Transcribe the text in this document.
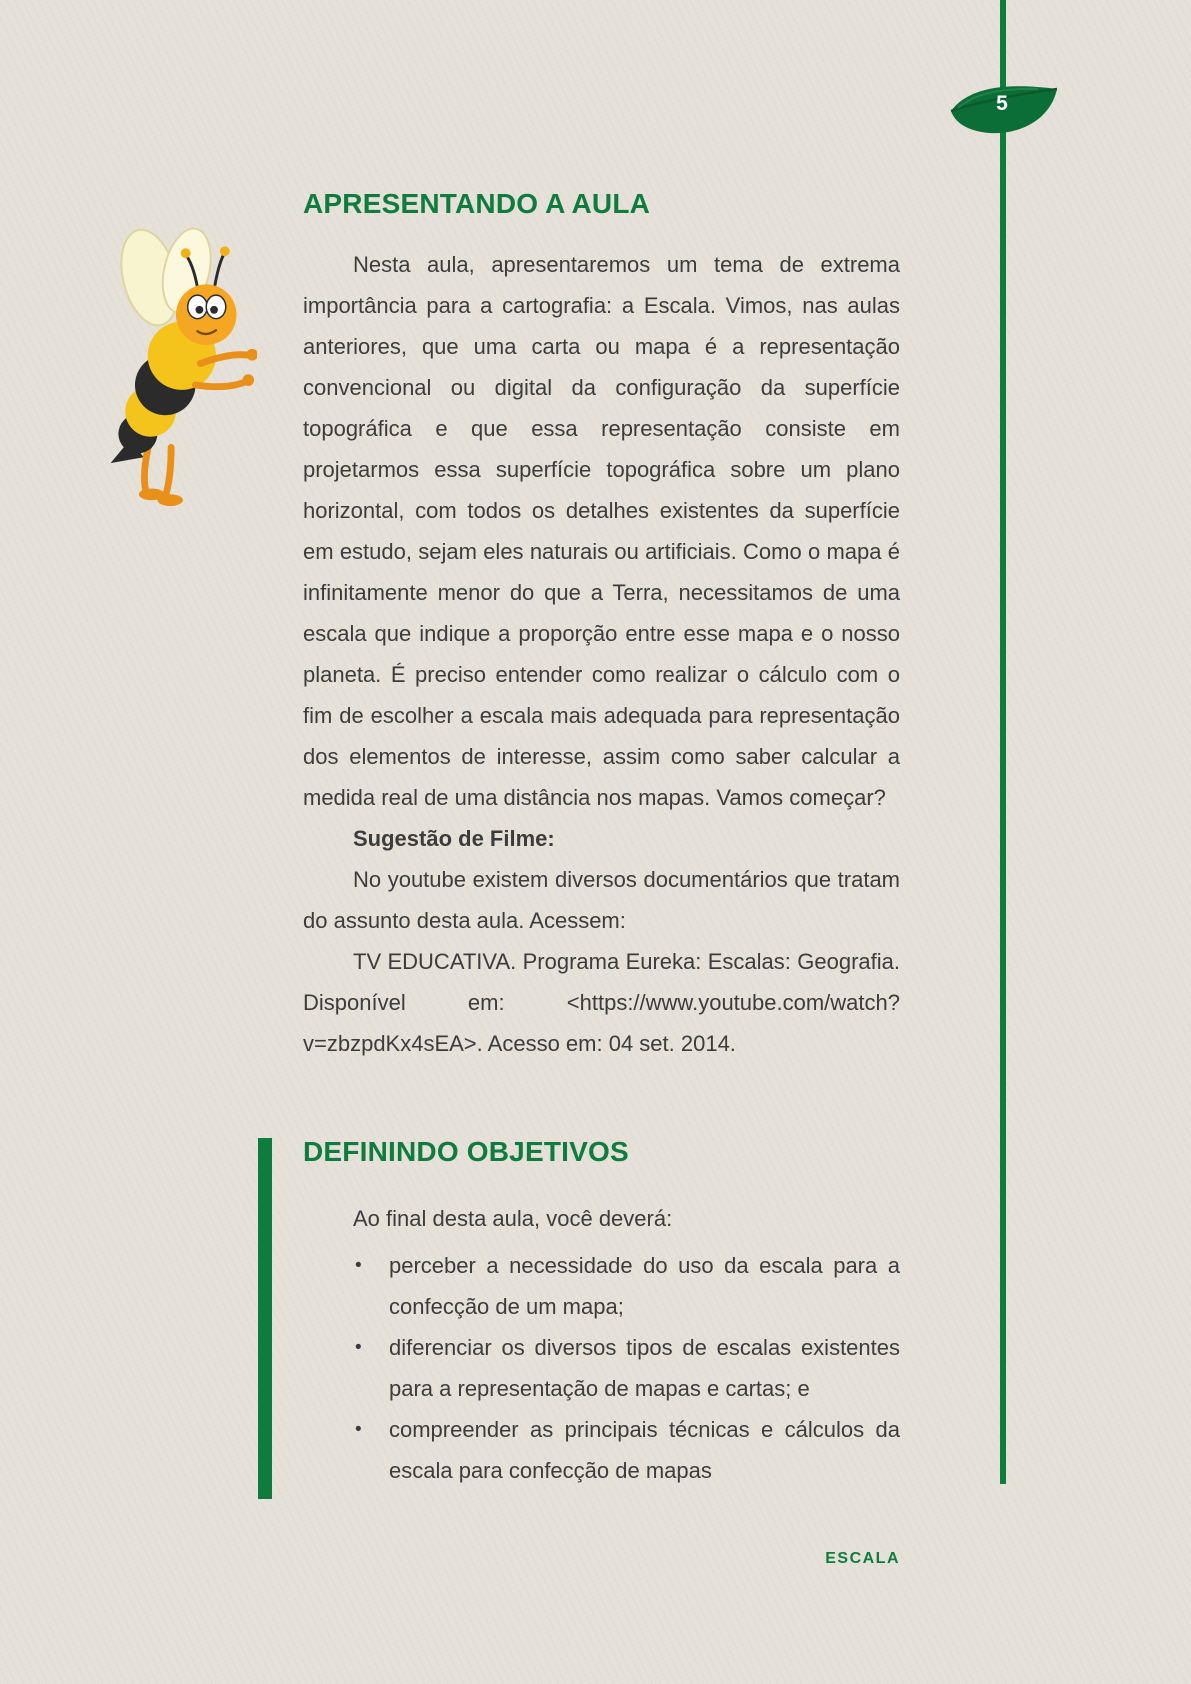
5
APRESENTANDO A AULA

Nesta aula, apresentaremos um tema de extrema importância para a cartografia: a Escala. Vimos, nas aulas anteriores, que uma carta ou mapa é a representação convencional ou digital da configuração da superfície topográfica e que essa representação consiste em projetarmos essa superfície topográfica sobre um plano horizontal, com todos os detalhes existentes da superfície em estudo, sejam eles naturais ou artificiais. Como o mapa é infinitamente menor do que a Terra, necessitamos de uma escala que indique a proporção entre esse mapa e o nosso planeta. É preciso entender como realizar o cálculo com o fim de escolher a escala mais adequada para representação dos elementos de interesse, assim como saber calcular a medida real de uma distância nos mapas. Vamos começar?

Sugestão de Filme:

No youtube existem diversos documentários que tratam do assunto desta aula. Acessem:

TV EDUCATIVA. Programa Eureka: Escalas: Geografia. Disponível em: <https://www.youtube.com/watch?v=zbzpdKx4sEA>. Acesso em: 04 set. 2014.

DEFININDO OBJETIVOS

Ao final desta aula, você deverá:

•	perceber a necessidade do uso da escala para a confecção de um mapa;
•	diferenciar os diversos tipos de escalas existentes para a representação de mapas e cartas; e
•	compreender as principais técnicas e cálculos da escala para confecção de mapas
ESCALA
